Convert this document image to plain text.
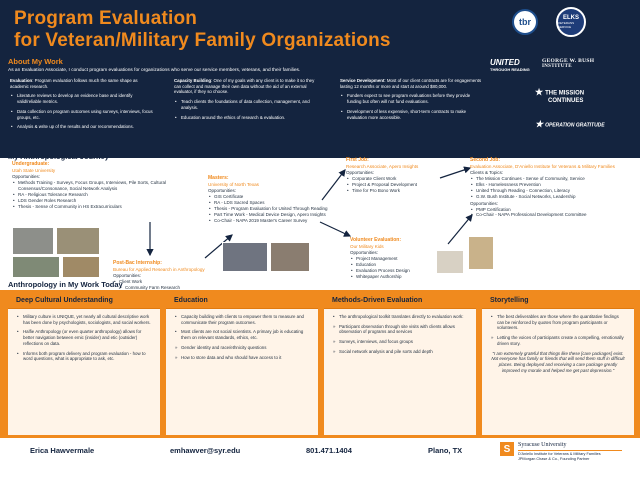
Program Evaluation
for Veteran/Military Family Organizations
About My Work
As an Evaluation Associate, I conduct program evaluations for organizations who serve our service members, veterans, and their families.
Evaluation: Program evaluation follows much the same shape as academic research.
• Literature reviews to develop an evidence base and identify valid/reliable metrics.
• Data collection on program outcomes using surveys, interviews, focus groups, etc.
• Analysis & write up of the results and our recommendations.
Capacity Building: One of my goals with any client is to make it so they can collect and manage their own data without the aid of an external evaluator, if they so choose.
• Teach clients the foundations of data collection, management, and analysis.
• Education around the ethics of research & evaluation.
Service Development: Most of our client contracts are for engagements lasting 12 months or more and start at around $80,000.
• Funders expect to see program evaluations before they provide funding but often will not fund evaluations.
• Development of less expensive, short-term contracts to make evaluation more accessible.
tbr	ELKS
VETERANS SERVICE
UNITED
THROUGH READING
GEORGE W. BUSH
INSTITUTE
★ THE MISSION
CONTINUES
★ OPERATION GRATITUDE
My Anthropological Journey
Undergraduate:
Utah State University
Opportunities:
• Methods Training - Surveys, Focus Groups, Interviews, Pile Sorts, Cultural Consensus/Consonance, Social Network Analysis
• RA - Religious Tolerance Research
• LDS Gender Roles Research
• Thesis - Sense of Community in HS Extracurriculars
Masters:
University of North Texas
Opportunities:
• GIS Certificate
• RA - LDS Sacred Spaces
• Thesis - Program Evaluation for United Through Reading
• Part Time Work - Medical Device Design, Apero Insights
• Co-Chair - NAPA 2019 Master's Career Survey
Post-Bac Internship:
Bureau for Applied Research in Anthropology
Opportunities:
• Client Work
• Community Farm Research
•
•
First Job:
Research Associate, Apero Insights
Opportunities:
• Corporate Client Work
• Project & Proposal Development
• Time for Pro Bono Work
Volunteer Evaluation:
Our Military Kids
Opportunities:
• Project Management
• Education
• Evaluation Process Design
• Whitepaper Authorship
Second Job:
Evaluation Associate, D'Aniello Institute for Veterans & Military Families
Clients & Topics:
• The Mission Continues - Sense of Community, Service
• Elks - Homelessness Prevention
• United Through Reading - Connection, Literacy
• G.W. Bush Institute - Social Networks, Leadership
Opportunities:
• PMP Certification
• Co-Chair - NAPA Professional Development Committee
Anthropology in My Work Today
Deep Cultural Understanding
• Military culture is UNIQUE, yet nearly all cultural descriptive work has been done by psychologists, sociologists, and social workers.
• Halfie Anthropology (or even quarter anthropology) allows for better navigation between emic (insider) and etic (outsider) reflections on data.
• Informs both program delivery and program evaluation - how to word questions, what is appropriate to ask, etc.
Education
• Capacity building with clients to empower them to measure and communicate their program outcomes.
• Most clients are not social scientists. A primary job is educating them on relevant standards, ethics, etc.
» Gender identity and race/ethnicity questions
» How to store data and who should have access to it
Methods-Driven Evaluation
• The anthropological toolkit translates directly to evaluation work:
» Participant observation through site visits with clients allows observation of programs and services
» Surveys, interviews, and focus groups
» Social network analysis and pile sorts add depth
Storytelling
• The best deliverables are those where the quantitative findings can be reinforced by quotes from program participants or volunteers.
» Letting the voices of participants create a compelling, emotionally driven story.
"I am extremely grateful that things like these [care packages] exist. Not everyone has family or friends that will send them stuff in difficult places. Being deployed and receiving a care package greatly improved my morale and helped me get past depression."
Erica Hawvermale	emhawver@syr.edu	801.471.1404	Plano, TX	S	Syracuse University
D'Aniello Institute for Veterans & Military Families
JPMorgan Chase & Co., Founding Partner
